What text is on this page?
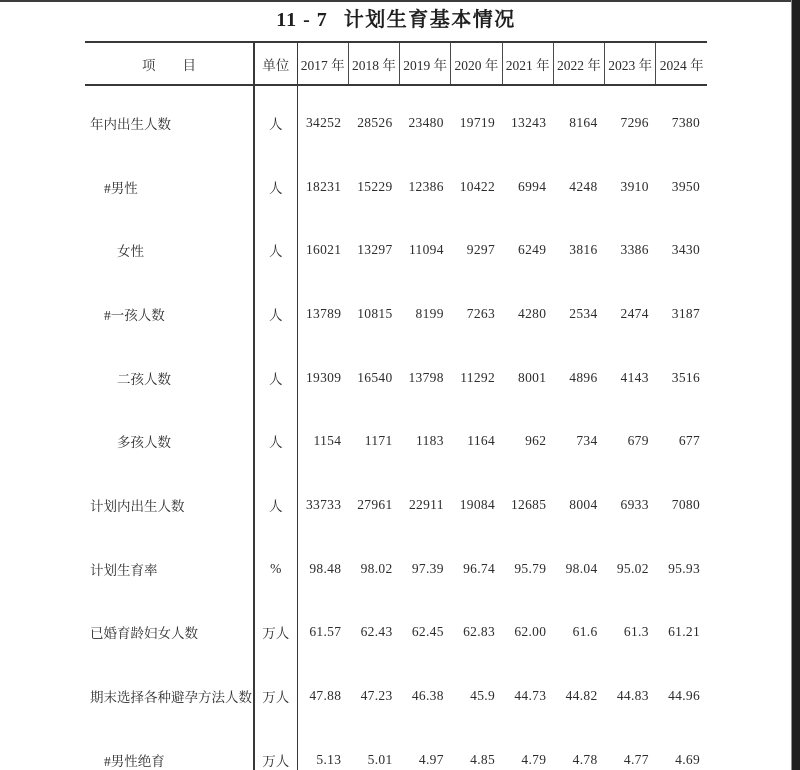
11 - 7 计划生育基本情况
项　　目	单位	2017 年	2018 年	2019 年	2020 年	2021 年	2022 年	2023 年	2024 年
年内出生人数	人	34252	28526	23480	19719	13243	8164	7296	7380
#男性	人	18231	15229	12386	10422	6994	4248	3910	3950
女性	人	16021	13297	11094	9297	6249	3816	3386	3430
#一孩人数	人	13789	10815	8199	7263	4280	2534	2474	3187
二孩人数	人	19309	16540	13798	11292	8001	4896	4143	3516
多孩人数	人	1154	1171	1183	1164	962	734	679	677
计划内出生人数	人	33733	27961	22911	19084	12685	8004	6933	7080
计划生育率	%	98.48	98.02	97.39	96.74	95.79	98.04	95.02	95.93
已婚育龄妇女人数	万人	61.57	62.43	62.45	62.83	62.00	61.6	61.3	61.21
期末选择各种避孕方法人数	万人	47.88	47.23	46.38	45.9	44.73	44.82	44.83	44.96
#男性绝育	万人	5.13	5.01	4.97	4.85	4.79	4.78	4.77	4.69
